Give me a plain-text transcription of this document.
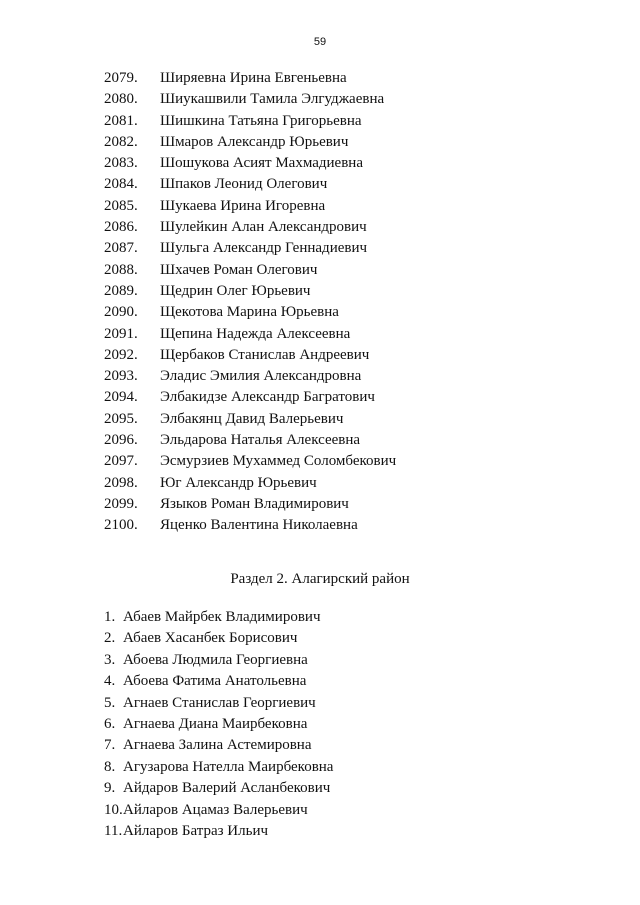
59
2079. Ширяевна Ирина Евгеньевна
2080. Шиукашвили Тамила Элгуджаевна
2081. Шишкина Татьяна Григорьевна
2082. Шмаров Александр Юрьевич
2083. Шошукова Асият Махмадиевна
2084. Шпаков Леонид Олегович
2085. Шукаева Ирина Игоревна
2086. Шулейкин Алан Александрович
2087. Шульга Александр Геннадиевич
2088. Шхачев Роман Олегович
2089. Щедрин Олег Юрьевич
2090. Щекотова Марина Юрьевна
2091. Щепина Надежда Алексеевна
2092. Щербаков Станислав Андреевич
2093. Эладис Эмилия Александровна
2094. Элбакидзе Александр Багратович
2095. Элбакянц Давид Валерьевич
2096. Эльдарова Наталья Алексеевна
2097. Эсмурзиев Мухаммед Соломбекович
2098. Юг Александр Юрьевич
2099. Языков Роман Владимирович
2100. Яценко Валентина Николаевна
Раздел 2. Алагирский район
1. Абаев Майрбек Владимирович
2. Абаев Хасанбек Борисович
3. Абоева Людмила Георгиевна
4. Абоева Фатима Анатольевна
5. Агнаев Станислав Георгиевич
6. Агнаева Диана Маирбековна
7. Агнаева Залина Астемировна
8. Агузарова Нателла Маирбековна
9. Айдаров Валерий Асланбекович
10. Айларов Ацамаз Валерьевич
11. Айларов Батраз Ильич
